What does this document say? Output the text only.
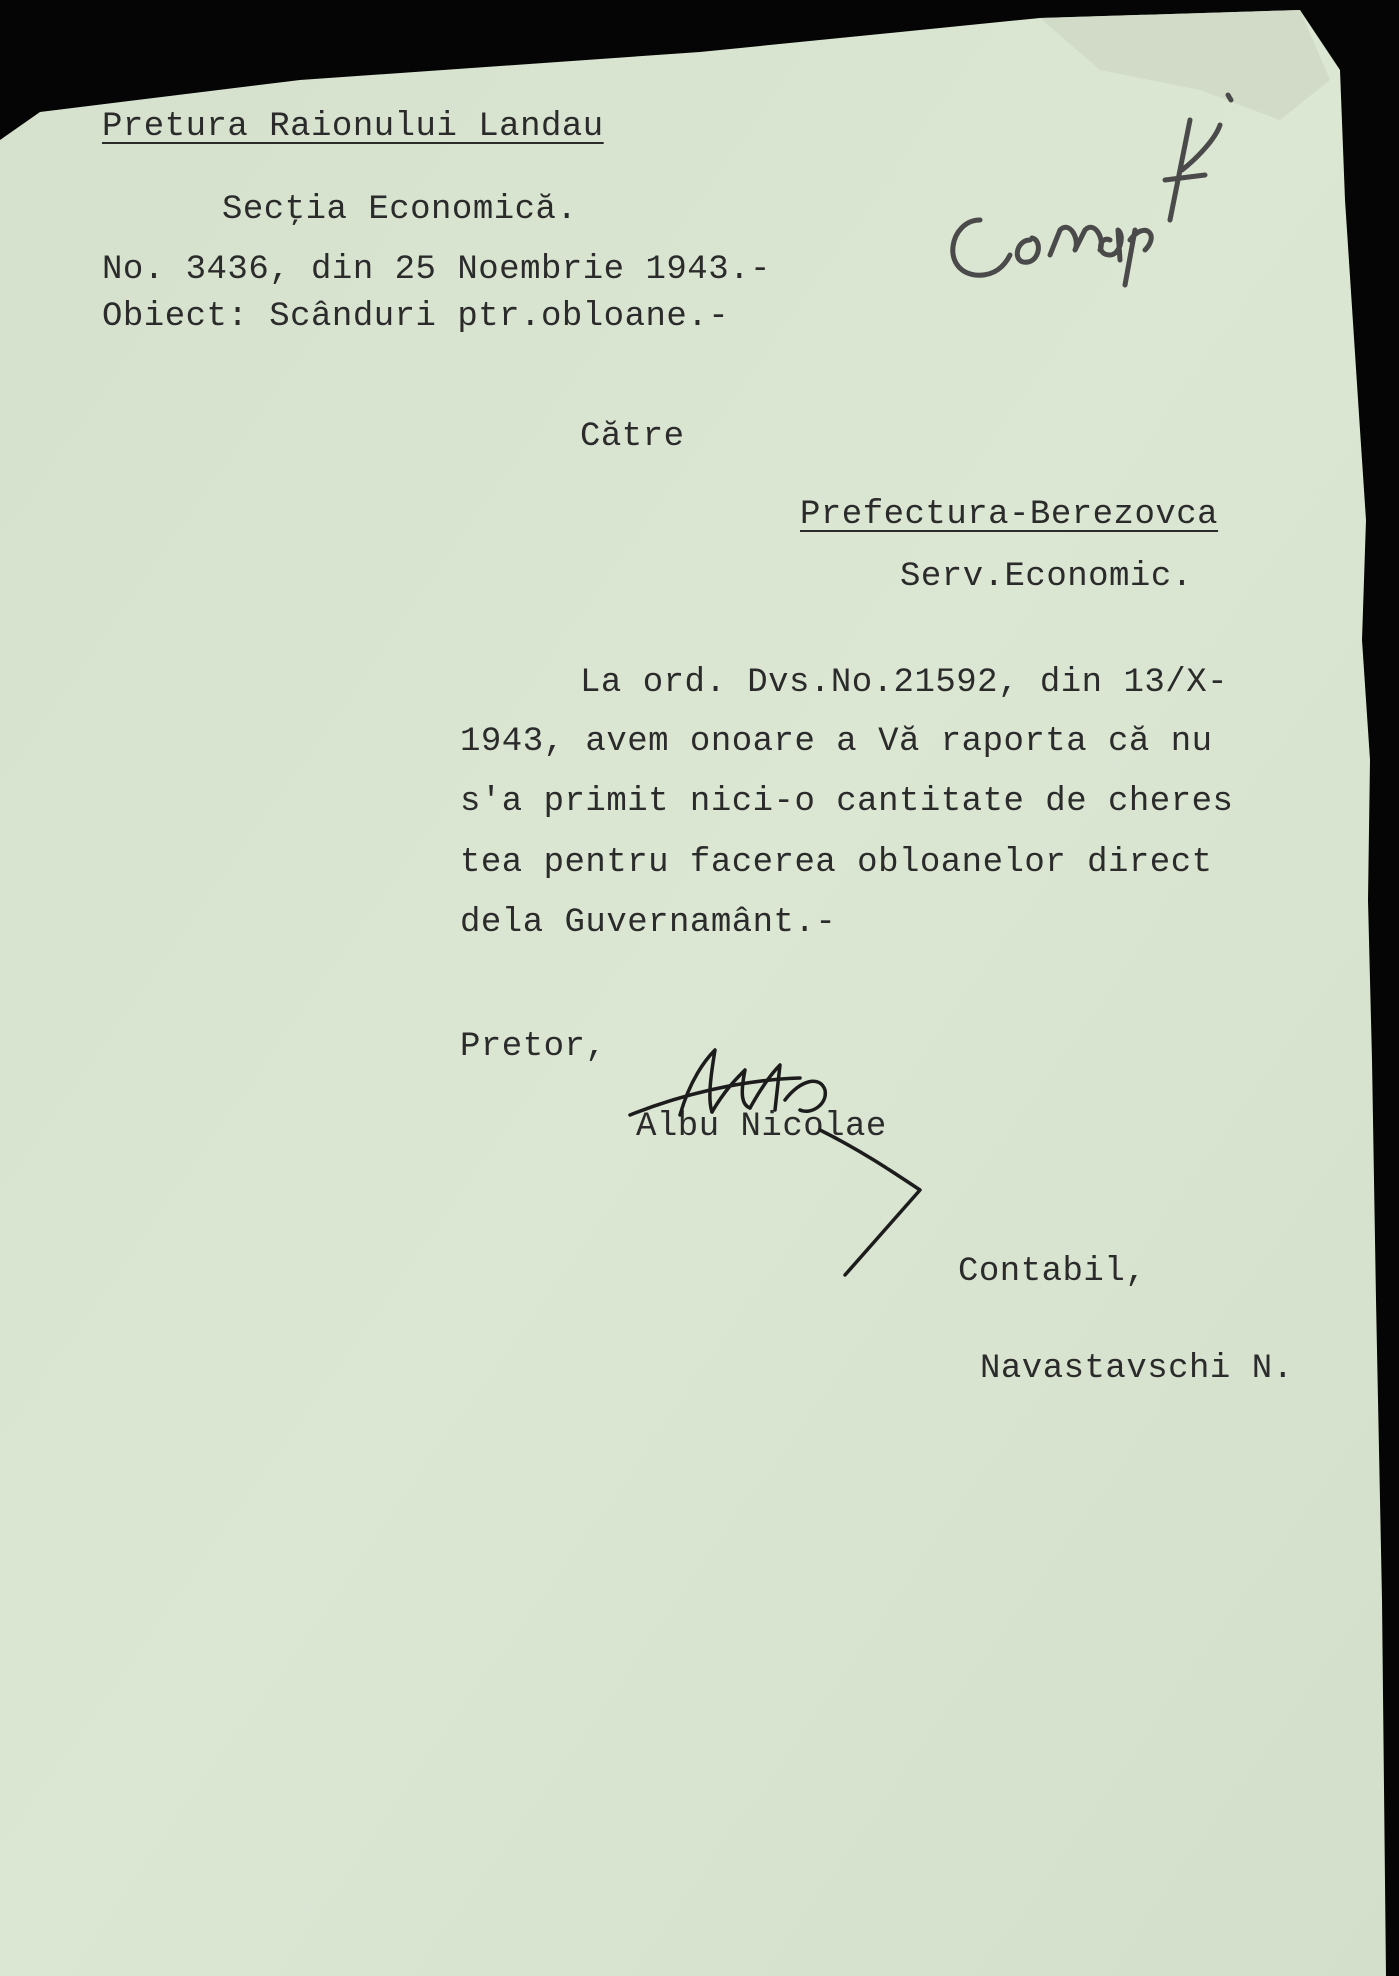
Pretura Raionului Landau
Secţia Economică.
No. 3436, din 25 Noembrie 1943.-
Obiect: Scânduri ptr.obloane.-
Către
Prefectura-Berezovca
Serv.Economic.
La ord. Dvs.No.21592, din 13/X-
1943, avem onoare a Vă raporta că nu
s'a primit nici-o cantitate de cheres
tea pentru facerea obloanelor direct
dela Guvernamânt.-
Pretor,
Albu Nicolae
Contabil,
Navastavschi N.
